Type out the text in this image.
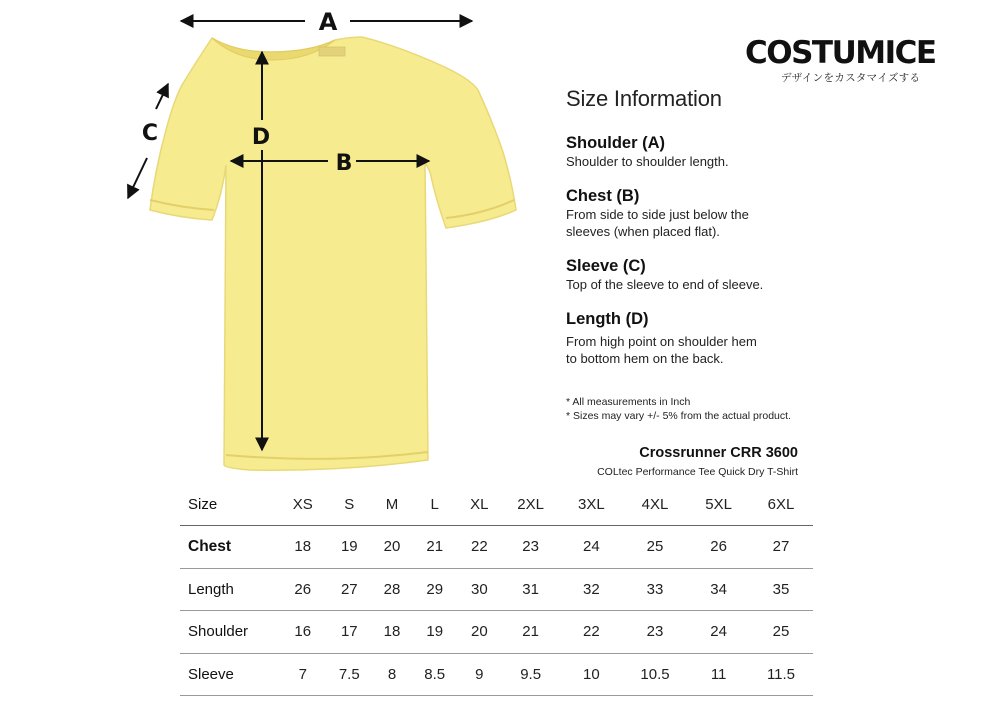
A
B
C	D
COSTUMICE
デザインをカスタマイズする
Size Information
Shoulder (A)
Shoulder to shoulder length.
Chest (B)
From side to side just below the
sleeves (when placed flat).
Sleeve (C)
Top of the sleeve to end of sleeve.
Length (D)
From high point on shoulder hem
to bottom hem on the back.
* All measurements in Inch
* Sizes may vary +/- 5% from the actual product.
Crossrunner CRR 3600
COLtec Performance Tee Quick Dry T-Shirt
Size	XS	S	M	L	XL	2XL	3XL	4XL	5XL	6XL
Chest	18	19	20	21	22	23	24	25	26	27
Length	26	27	28	29	30	31	32	33	34	35
Shoulder	16	17	18	19	20	21	22	23	24	25
Sleeve	7	7.5	8	8.5	9	9.5	10	10.5	11	11.5
